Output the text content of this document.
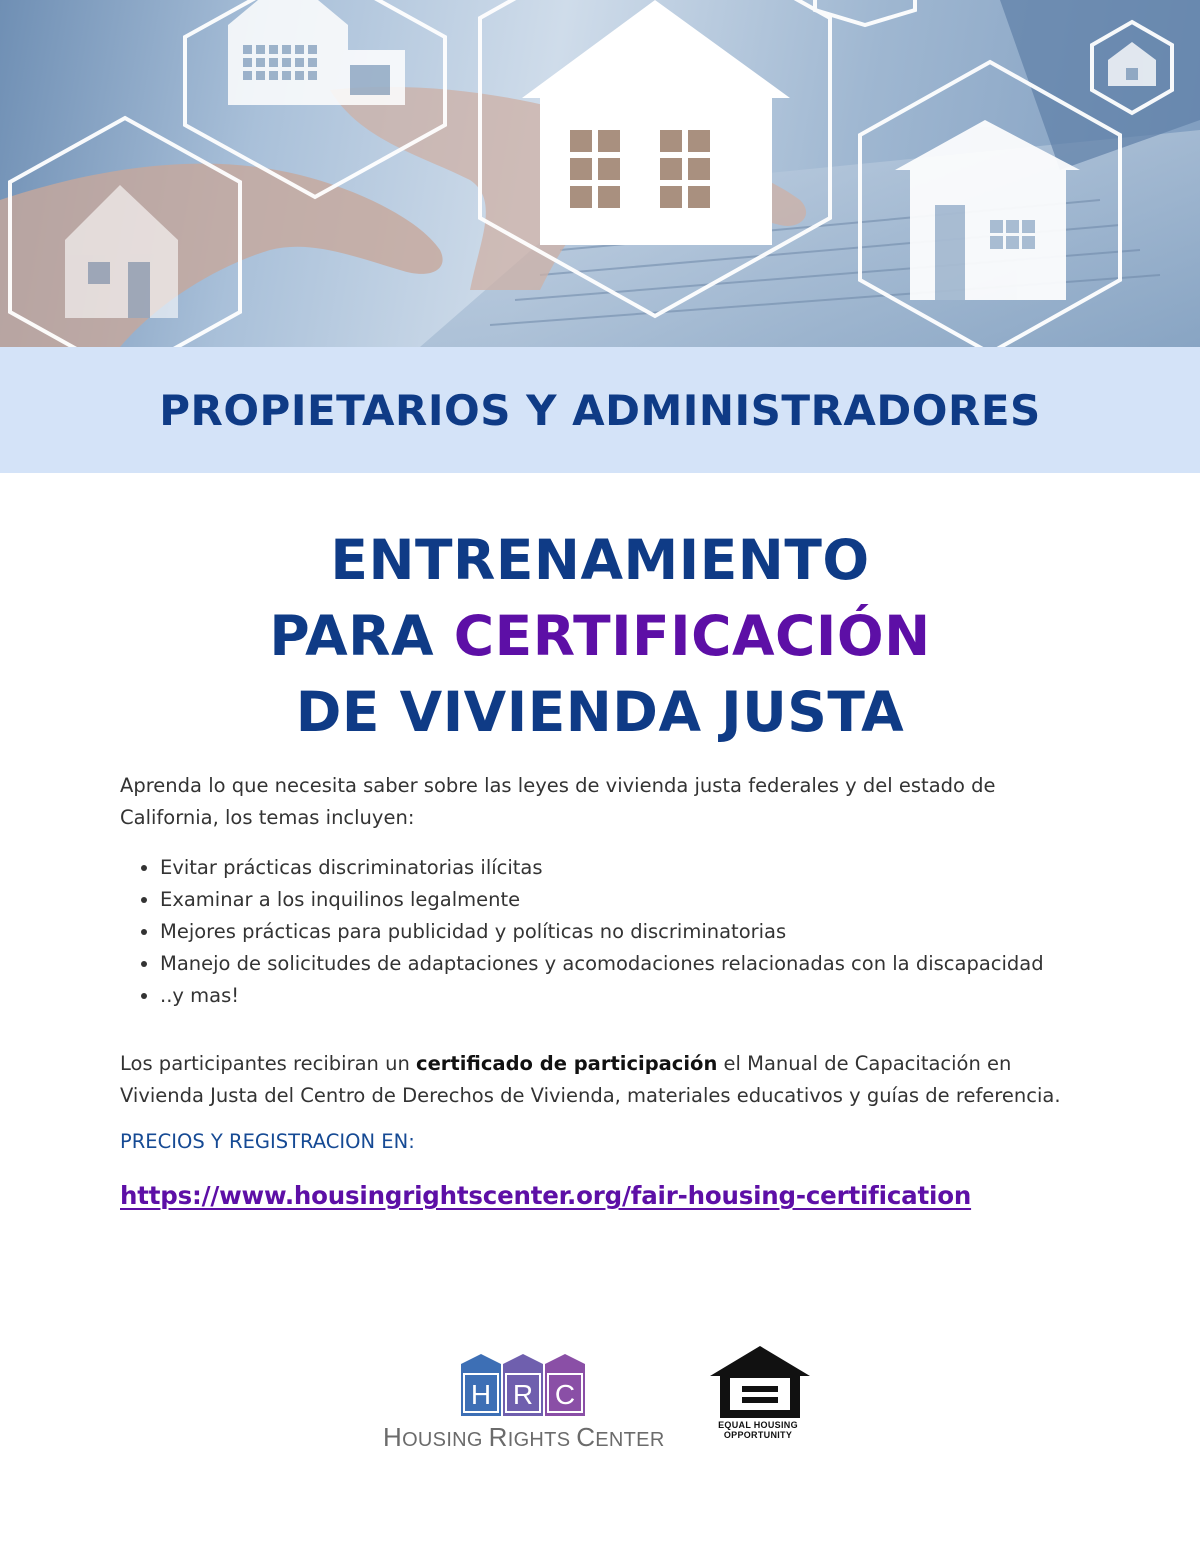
PROPIETARIOS Y ADMINISTRADORES
ENTRENAMIENTO
PARA CERTIFICACIÓN
DE VIVIENDA JUSTA

Aprenda lo que necesita saber sobre las leyes de vivienda justa federales y del estado de California, los temas incluyen:

• Evitar prácticas discriminatorias ilícitas
• Examinar a los inquilinos legalmente
• Mejores prácticas para publicidad y políticas no discriminatorias
• Manejo de solicitudes de adaptaciones y acomodaciones relacionadas con la discapacidad
• ..y mas!

Los participantes recibiran un certificado de participación el Manual de Capacitación en Vivienda Justa del Centro de Derechos de Vivienda, materiales educativos y guías de referencia.

PRECIOS Y REGISTRACION EN:

https://www.housingrightscenter.org/fair-housing-certification

H R C
HOUSING RIGHTS CENTER
EQUAL HOUSING
OPPORTUNITY
